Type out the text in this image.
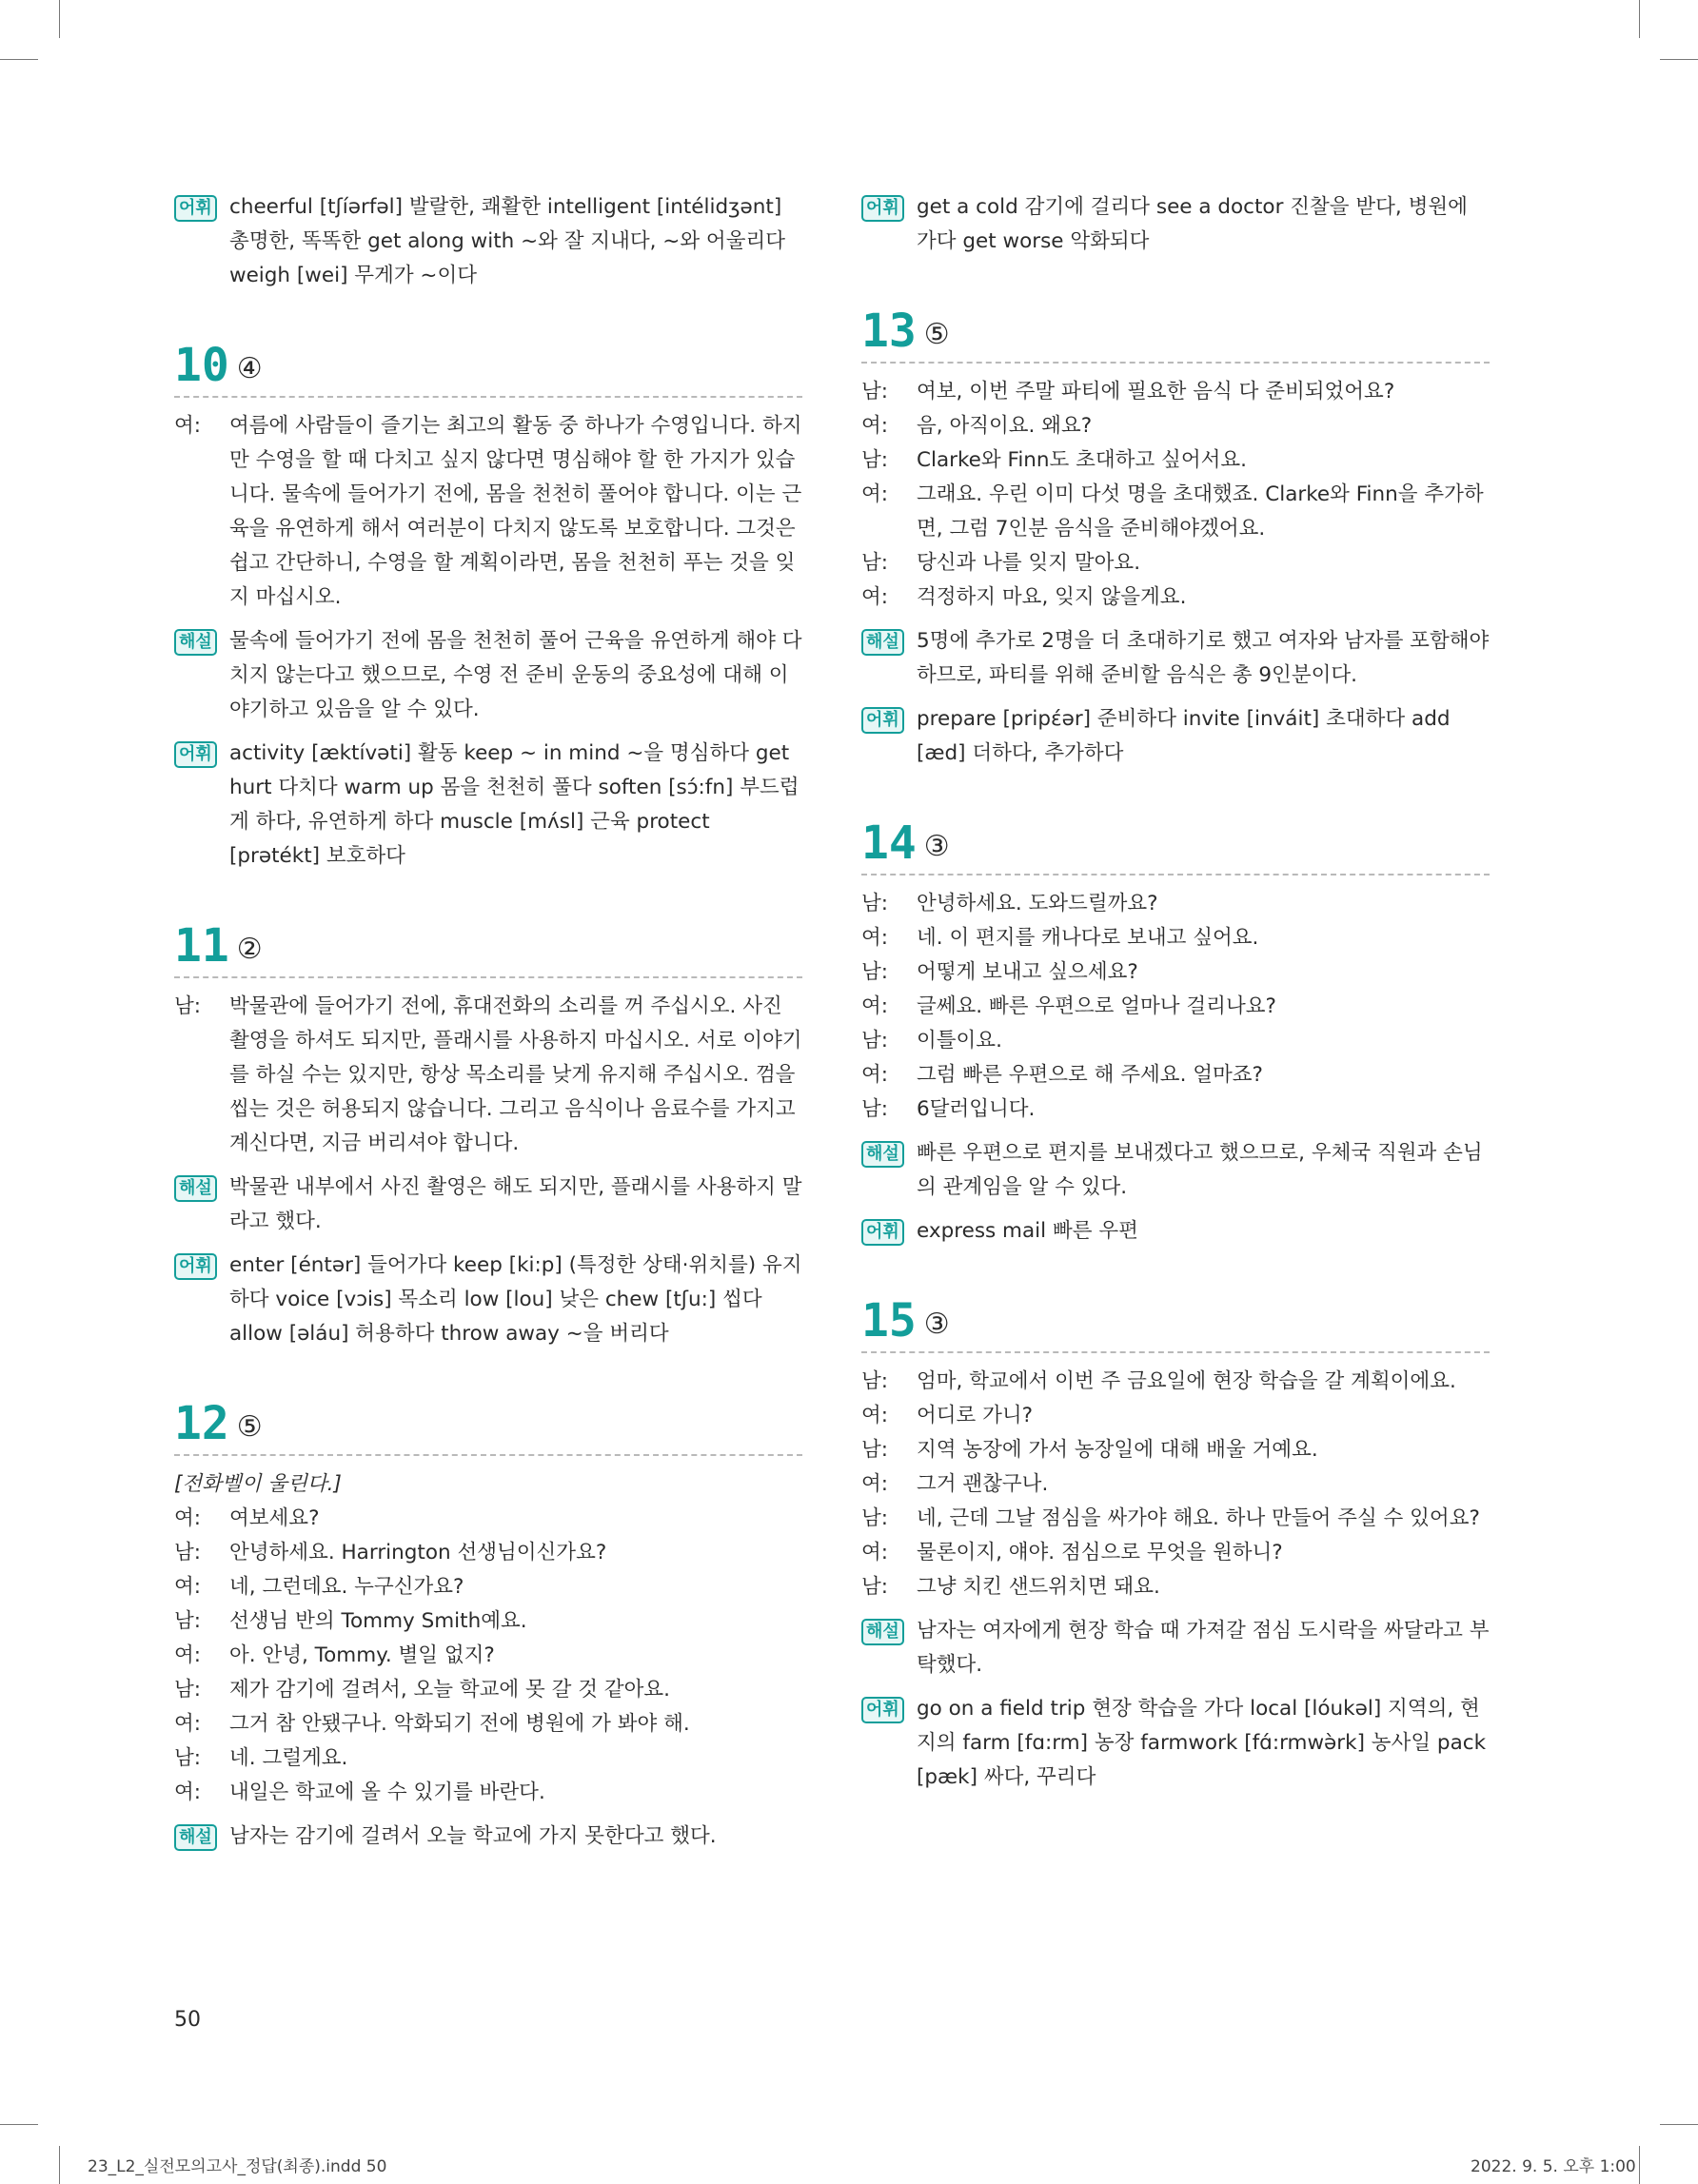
어휘 cheerful [tʃíərfəl] 발랄한, 쾌활한 intelligent [intélidʒənt] 총명한, 똑똑한 get along with ~와 잘 지내다, ~와 어울리다 weigh [wei] 무게가 ~이다
10 ④
여: 여름에 사람들이 즐기는 최고의 활동 중 하나가 수영입니다. 하지만 수영을 할 때 다치고 싶지 않다면 명심해야 할 한 가지가 있습니다. 물속에 들어가기 전에, 몸을 천천히 풀어야 합니다. 이는 근육을 유연하게 해서 여러분이 다치지 않도록 보호합니다. 그것은 쉽고 간단하니, 수영을 할 계획이라면, 몸을 천천히 푸는 것을 잊지 마십시오.
해설 물속에 들어가기 전에 몸을 천천히 풀어 근육을 유연하게 해야 다치지 않는다고 했으므로, 수영 전 준비 운동의 중요성에 대해 이야기하고 있음을 알 수 있다.
어휘 activity [æktívəti] 활동 keep ~ in mind ~을 명심하다 get hurt 다치다 warm up 몸을 천천히 풀다 soften [sɔ́:fn] 부드럽게 하다, 유연하게 하다 muscle [mʌ́sl] 근육 protect [prətékt] 보호하다
11 ②
남: 박물관에 들어가기 전에, 휴대전화의 소리를 꺼 주십시오. 사진 촬영을 하셔도 되지만, 플래시를 사용하지 마십시오. 서로 이야기를 하실 수는 있지만, 항상 목소리를 낮게 유지해 주십시오. 껌을 씹는 것은 허용되지 않습니다. 그리고 음식이나 음료수를 가지고 계신다면, 지금 버리셔야 합니다.
해설 박물관 내부에서 사진 촬영은 해도 되지만, 플래시를 사용하지 말라고 했다.
어휘 enter [éntər] 들어가다 keep [ki:p] (특정한 상태·위치를) 유지하다 voice [vɔis] 목소리 low [lou] 낮은 chew [tʃu:] 씹다 allow [əláu] 허용하다 throw away ~을 버리다
12 ⑤
[전화벨이 울린다.]
여: 여보세요?
남: 안녕하세요. Harrington 선생님이신가요?
여: 네, 그런데요. 누구신가요?
남: 선생님 반의 Tommy Smith예요.
여: 아. 안녕, Tommy. 별일 없지?
남: 제가 감기에 걸려서, 오늘 학교에 못 갈 것 같아요.
여: 그거 참 안됐구나. 악화되기 전에 병원에 가 봐야 해.
남: 네. 그럴게요.
여: 내일은 학교에 올 수 있기를 바란다.
해설 남자는 감기에 걸려서 오늘 학교에 가지 못한다고 했다.
어휘 get a cold 감기에 걸리다 see a doctor 진찰을 받다, 병원에 가다 get worse 악화되다
13 ⑤
남: 여보, 이번 주말 파티에 필요한 음식 다 준비되었어요?
여: 음, 아직이요. 왜요?
남: Clarke와 Finn도 초대하고 싶어서요.
여: 그래요. 우린 이미 다섯 명을 초대했죠. Clarke와 Finn을 추가하면, 그럼 7인분 음식을 준비해야겠어요.
남: 당신과 나를 잊지 말아요.
여: 걱정하지 마요, 잊지 않을게요.
해설 5명에 추가로 2명을 더 초대하기로 했고 여자와 남자를 포함해야 하므로, 파티를 위해 준비할 음식은 총 9인분이다.
어휘 prepare [pripέər] 준비하다 invite [inváit] 초대하다 add [æd] 더하다, 추가하다
14 ③
남: 안녕하세요. 도와드릴까요?
여: 네. 이 편지를 캐나다로 보내고 싶어요.
남: 어떻게 보내고 싶으세요?
여: 글쎄요. 빠른 우편으로 얼마나 걸리나요?
남: 이틀이요.
여: 그럼 빠른 우편으로 해 주세요. 얼마죠?
남: 6달러입니다.
해설 빠른 우편으로 편지를 보내겠다고 했으므로, 우체국 직원과 손님의 관계임을 알 수 있다.
어휘 express mail 빠른 우편
15 ③
남: 엄마, 학교에서 이번 주 금요일에 현장 학습을 갈 계획이에요.
여: 어디로 가니?
남: 지역 농장에 가서 농장일에 대해 배울 거예요.
여: 그거 괜찮구나.
남: 네, 근데 그날 점심을 싸가야 해요. 하나 만들어 주실 수 있어요?
여: 물론이지, 얘야. 점심으로 무엇을 원하니?
남: 그냥 치킨 샌드위치면 돼요.
해설 남자는 여자에게 현장 학습 때 가져갈 점심 도시락을 싸달라고 부탁했다.
어휘 go on a field trip 현장 학습을 가다 local [lóukəl] 지역의, 현지의 farm [fɑ:rm] 농장 farmwork [fɑ́:rmwə̀rk] 농사일 pack [pæk] 싸다, 꾸리다
50
23_L2_실전모의고사_정답(최종).indd 50	2022. 9. 5. 오후 1:00
